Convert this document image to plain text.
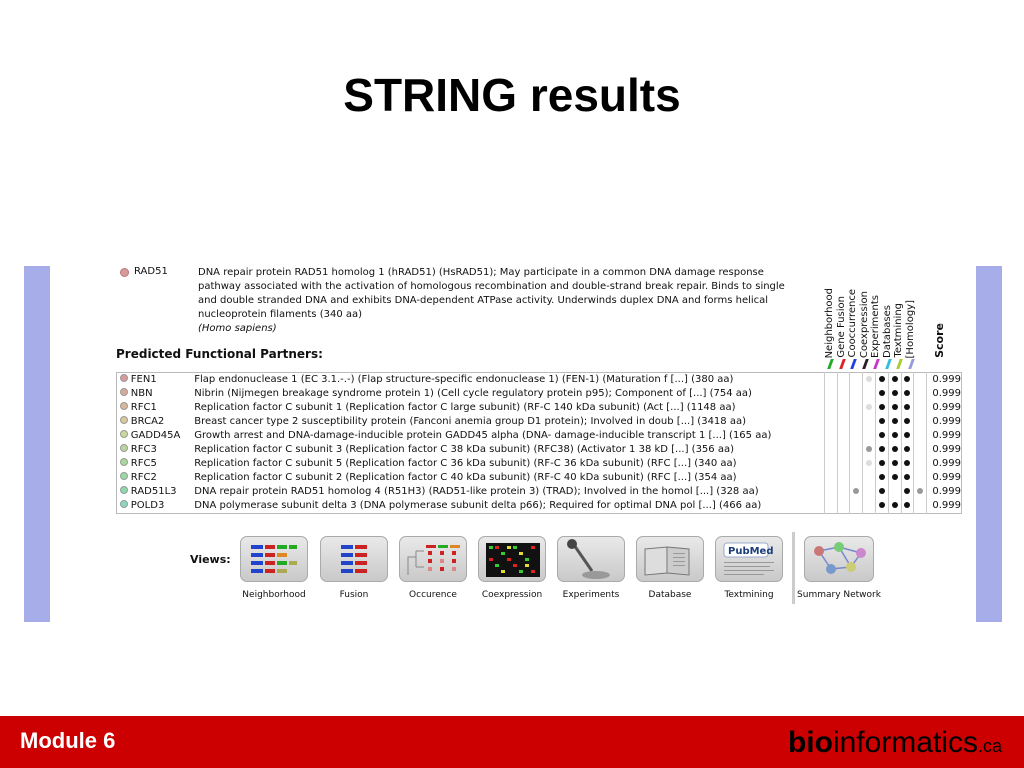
STRING results
RAD51	DNA repair protein RAD51 homolog 1 (hRAD51) (HsRAD51); May participate in a common DNA damage response pathway associated with the activation of homologous recombination and double-strand break repair. Binds to single and double stranded DNA and exhibits DNA-dependent ATPase activity. Underwinds duplex DNA and forms helical nucleoprotein filaments (340 aa)
(Homo sapiens)
Predicted Functional Partners:	Neighborhood Gene Fusion Cooccurrence Coexpression Experiments Databases Textmining [Homology] Score
	FEN1	Flap endonuclease 1 (EC 3.1.-.-) (Flap structure-specific endonuclease 1) (FEN-1) (Maturation f [...] (380 aa)									0.999
	NBN	Nibrin (Nijmegen breakage syndrome protein 1) (Cell cycle regulatory protein p95); Component of [...] (754 aa)									0.999
	RFC1	Replication factor C subunit 1 (Replication factor C large subunit) (RF-C 140 kDa subunit) (Act [...] (1148 aa)									0.999
	BRCA2	Breast cancer type 2 susceptibility protein (Fanconi anemia group D1 protein); Involved in doub [...] (3418 aa)									0.999
	GADD45A	Growth arrest and DNA-damage-inducible protein GADD45 alpha (DNA- damage-inducible transcript 1 [...] (165 aa)									0.999
	RFC3	Replication factor C subunit 3 (Replication factor C 38 kDa subunit) (RFC38) (Activator 1 38 kD [...] (356 aa)									0.999
	RFC5	Replication factor C subunit 5 (Replication factor C 36 kDa subunit) (RF-C 36 kDa subunit) (RFC [...] (340 aa)									0.999
	RFC2	Replication factor C subunit 2 (Replication factor C 40 kDa subunit) (RF-C 40 kDa subunit) (RFC [...] (354 aa)									0.999
	RAD51L3	DNA repair protein RAD51 homolog 4 (R51H3) (RAD51-like protein 3) (TRAD); Involved in the homol [...] (328 aa)									0.999
	POLD3	DNA polymerase subunit delta 3 (DNA polymerase subunit delta p66); Required for optimal DNA pol [...] (466 aa)									0.999
Views:
Neighborhood	Fusion	Occurence	Coexpression	Experiments	Database
PubMed
Textmining	Summary Network
Module 6	bioinformatics.ca
